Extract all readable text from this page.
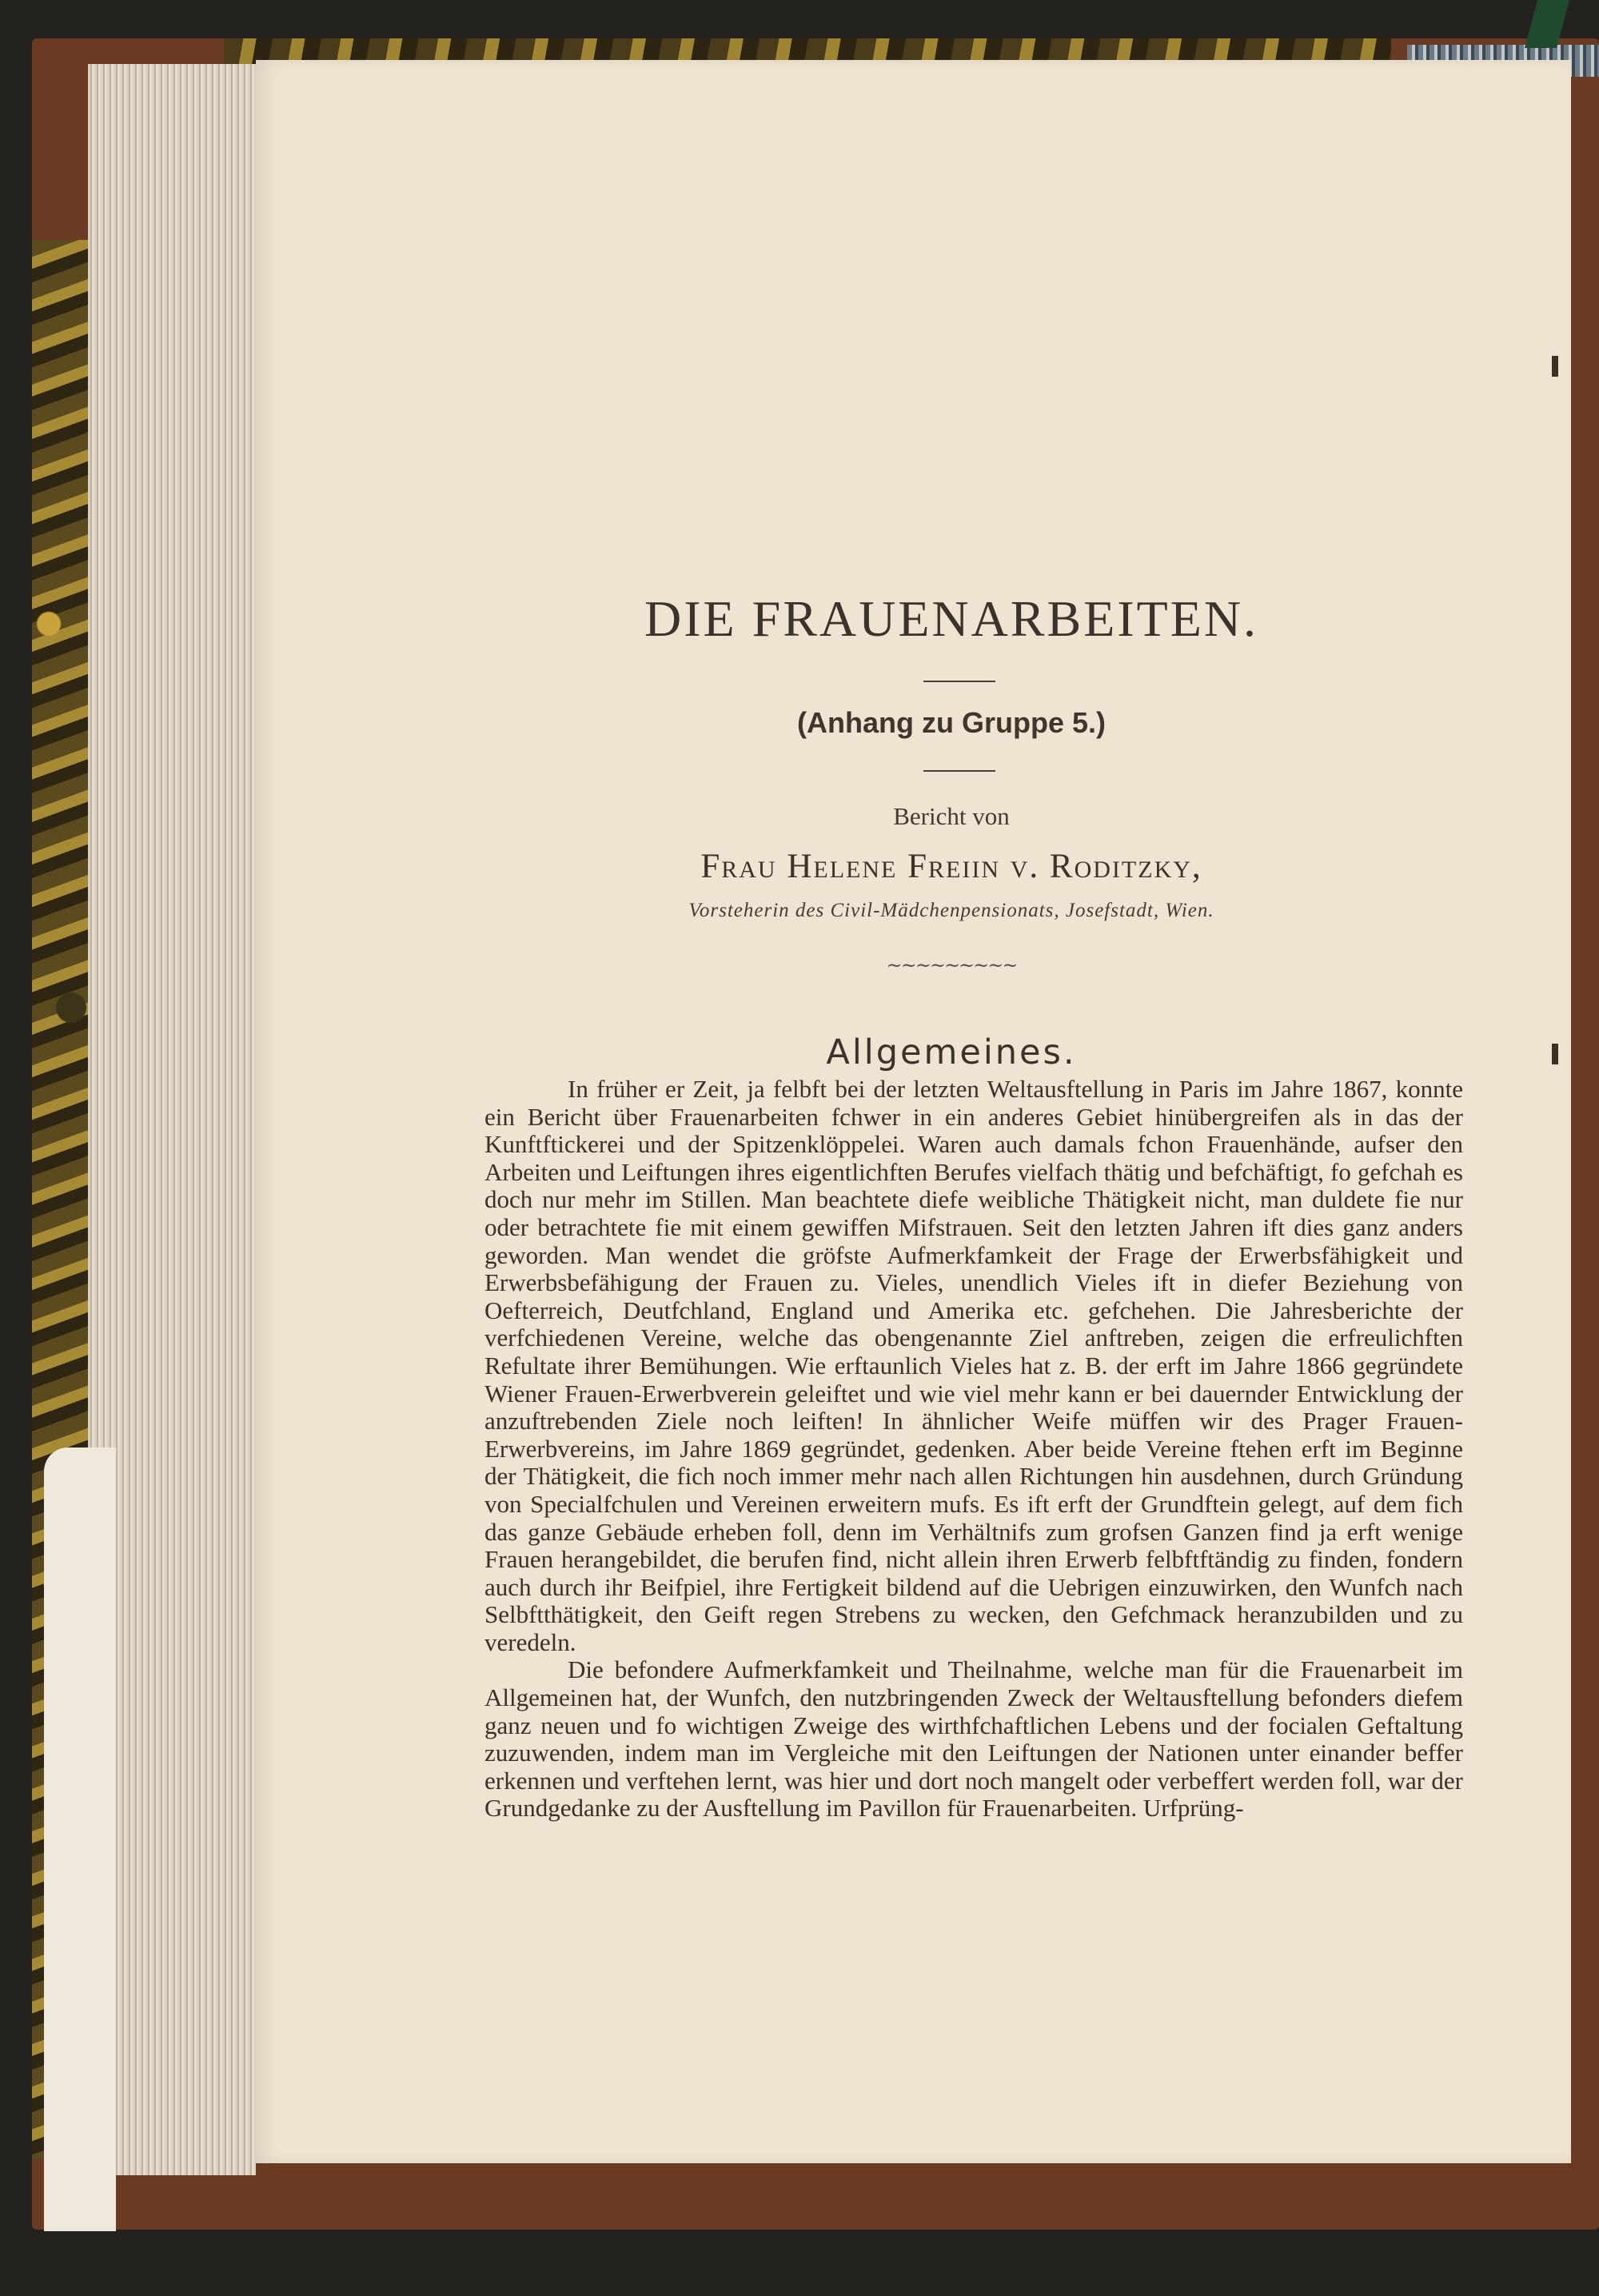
DIE FRAUENARBEITEN.
(Anhang zu Gruppe 5.)
Bericht von
Frau Helene Freiin v. Roditzky,
Vorsteherin des Civil-Mädchenpensionats, Josefstadt, Wien.
~~~~~~~~~
Allgemeines.

In früher er Zeit, ja felbft bei der letzten Weltausftellung in Paris im Jahre 1867, konnte ein Bericht über Frauenarbeiten fchwer in ein anderes Gebiet hinübergreifen als in das der Kunftftickerei und der Spitzenklöppelei. Waren auch damals fchon Frauenhände, aufser den Arbeiten und Leiftungen ihres eigentlichften Berufes vielfach thätig und befchäftigt, fo gefchah es doch nur mehr im Stillen. Man beachtete diefe weibliche Thätigkeit nicht, man duldete fie nur oder betrachtete fie mit einem gewiffen Mifstrauen. Seit den letzten Jahren ift dies ganz anders geworden. Man wendet die gröfste Aufmerkfamkeit der Frage der Erwerbsfähigkeit und Erwerbsbefähigung der Frauen zu. Vieles, unendlich Vieles ift in diefer Beziehung von Oefterreich, Deutfchland, England und Amerika etc. gefchehen. Die Jahresberichte der verfchiedenen Vereine, welche das obengenannte Ziel anftreben, zeigen die erfreulichften Refultate ihrer Bemühungen. Wie erftaunlich Vieles hat z. B. der erft im Jahre 1866 gegründete Wiener Frauen-Erwerbverein geleiftet und wie viel mehr kann er bei dauernder Entwicklung der anzuftrebenden Ziele noch leiften! In ähnlicher Weife müffen wir des Prager Frauen-Erwerbvereins, im Jahre 1869 gegründet, gedenken. Aber beide Vereine ftehen erft im Beginne der Thätigkeit, die fich noch immer mehr nach allen Richtungen hin ausdehnen, durch Gründung von Specialfchulen und Vereinen erweitern mufs. Es ift erft der Grundftein gelegt, auf dem fich das ganze Gebäude erheben foll, denn im Verhältnifs zum grofsen Ganzen find ja erft wenige Frauen herangebildet, die berufen find, nicht allein ihren Erwerb felbftftändig zu finden, fondern auch durch ihr Beifpiel, ihre Fertigkeit bildend auf die Uebrigen einzuwirken, den Wunfch nach Selbftthätigkeit, den Geift regen Strebens zu wecken, den Gefchmack heranzubilden und zu veredeln.

Die befondere Aufmerkfamkeit und Theilnahme, welche man für die Frauenarbeit im Allgemeinen hat, der Wunfch, den nutzbringenden Zweck der Weltausftellung befonders diefem ganz neuen und fo wichtigen Zweige des wirthfchaftlichen Lebens und der focialen Geftaltung zuzuwenden, indem man im Vergleiche mit den Leiftungen der Nationen unter einander beffer erkennen und verftehen lernt, was hier und dort noch mangelt oder verbeffert werden foll, war der Grundgedanke zu der Ausftellung im Pavillon für Frauenarbeiten. Urfprüng-
